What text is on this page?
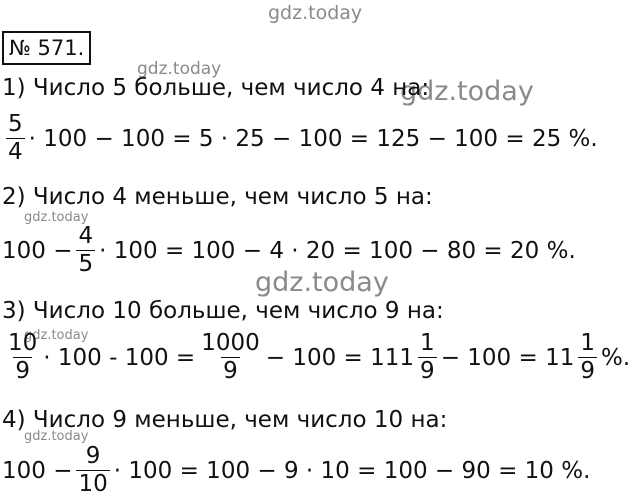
gdz.today
gdz.today
gdz.today
gdz.today
gdz.today
gdz.today
gdz.today
№ 571.
1) Число 5 больше, чем число 4 на:
$\frac{5}{4} \cdot 100 - 100 = 5 \cdot 25 - 100 = 125 - 100 = 25$ %.
2) Число 4 меньше, чем число 5 на:
$100 - \frac{4}{5} \cdot 100 = 100 - 4 \cdot 20 = 100 - 80 = 20$ %.
3) Число 10 больше, чем число 9 на:
$\frac{10}{9} \cdot 100 - 100 = \frac{1000}{9} - 100 = 111 \frac{1}{9} - 100 = 11 \frac{1}{9}$ %.
4) Число 9 меньше, чем число 10 на:
$100 - \frac{9}{10} \cdot 100 = 100 - 9 \cdot 10 = 100 - 90 = 10$ %.
